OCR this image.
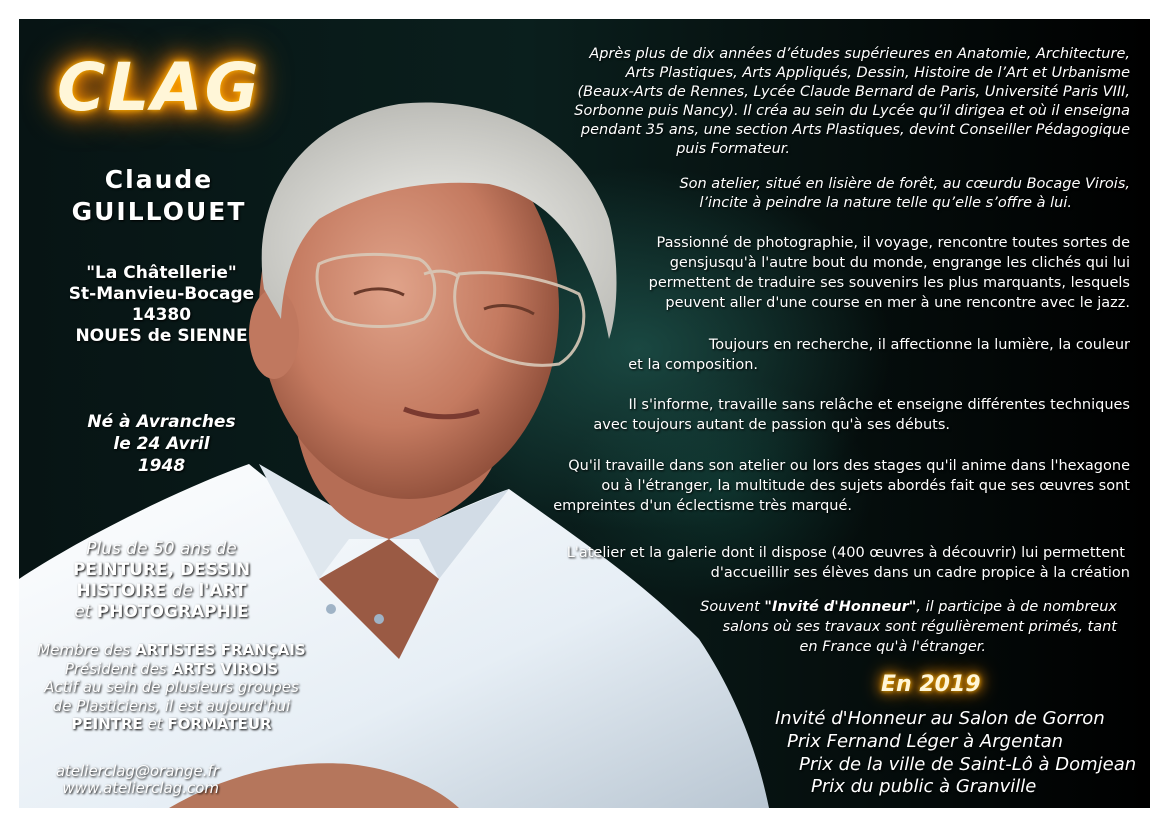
CLAG
Claude
GUILLOUET
"La Châtellerie"
St-Manvieu-Bocage
14380
NOUES de SIENNE
Né à Avranches
le 24 Avril
1948
Plus de 50 ans de
PEINTURE, DESSIN
HISTOIRE de l'ART
et PHOTOGRAPHIE
Membre des ARTISTES FRANÇAIS
Président des ARTS VIROIS
Actif au sein de plusieurs groupes
de Plasticiens, il est aujourd'hui
PEINTRE et FORMATEUR
atelierclag@orange.fr
www.atelierclag.com
Après plus de dix années d’études supérieures en Anatomie, Architecture,
Arts Plastiques, Arts Appliqués, Dessin, Histoire de l’Art et Urbanisme
(Beaux-Arts de Rennes, Lycée Claude Bernard de Paris, Université Paris VIII,
Sorbonne puis Nancy). Il créa au sein du Lycée qu’il dirigea et où il enseigna
pendant 35 ans, une section Arts Plastiques, devint Conseiller Pédagogique
puis Formateur.
Son atelier, situé en lisière de forêt, au cœurdu Bocage Virois,
l’incite à peindre la nature telle qu’elle s’offre à lui.
Passionné de photographie, il voyage, rencontre toutes sortes de
gensjusqu'à l'autre bout du monde, engrange les clichés qui lui
permettent de traduire ses souvenirs les plus marquants, lesquels
peuvent aller d'une course en mer à une rencontre avec le jazz.
Toujours en recherche, il affectionne la lumière, la couleur
et la composition.
Il s'informe, travaille sans relâche et enseigne différentes techniques
avec toujours autant de passion qu'à ses débuts.
Qu'il travaille dans son atelier ou lors des stages qu'il anime dans l'hexagone
ou à l'étranger, la multitude des sujets abordés fait que ses œuvres sont
empreintes d'un éclectisme très marqué.
L'atelier et la galerie dont il dispose (400 œuvres à découvrir) lui permettent
d'accueillir ses élèves dans un cadre propice à la création
Souvent "Invité d'Honneur", il participe à de nombreux
salons où ses travaux sont régulièrement primés, tant
en France qu'à l'étranger.
En 2019
Invité d'Honneur au Salon de Gorron
Prix Fernand Léger à Argentan
Prix de la ville de Saint-Lô à Domjean
Prix du public à Granville
